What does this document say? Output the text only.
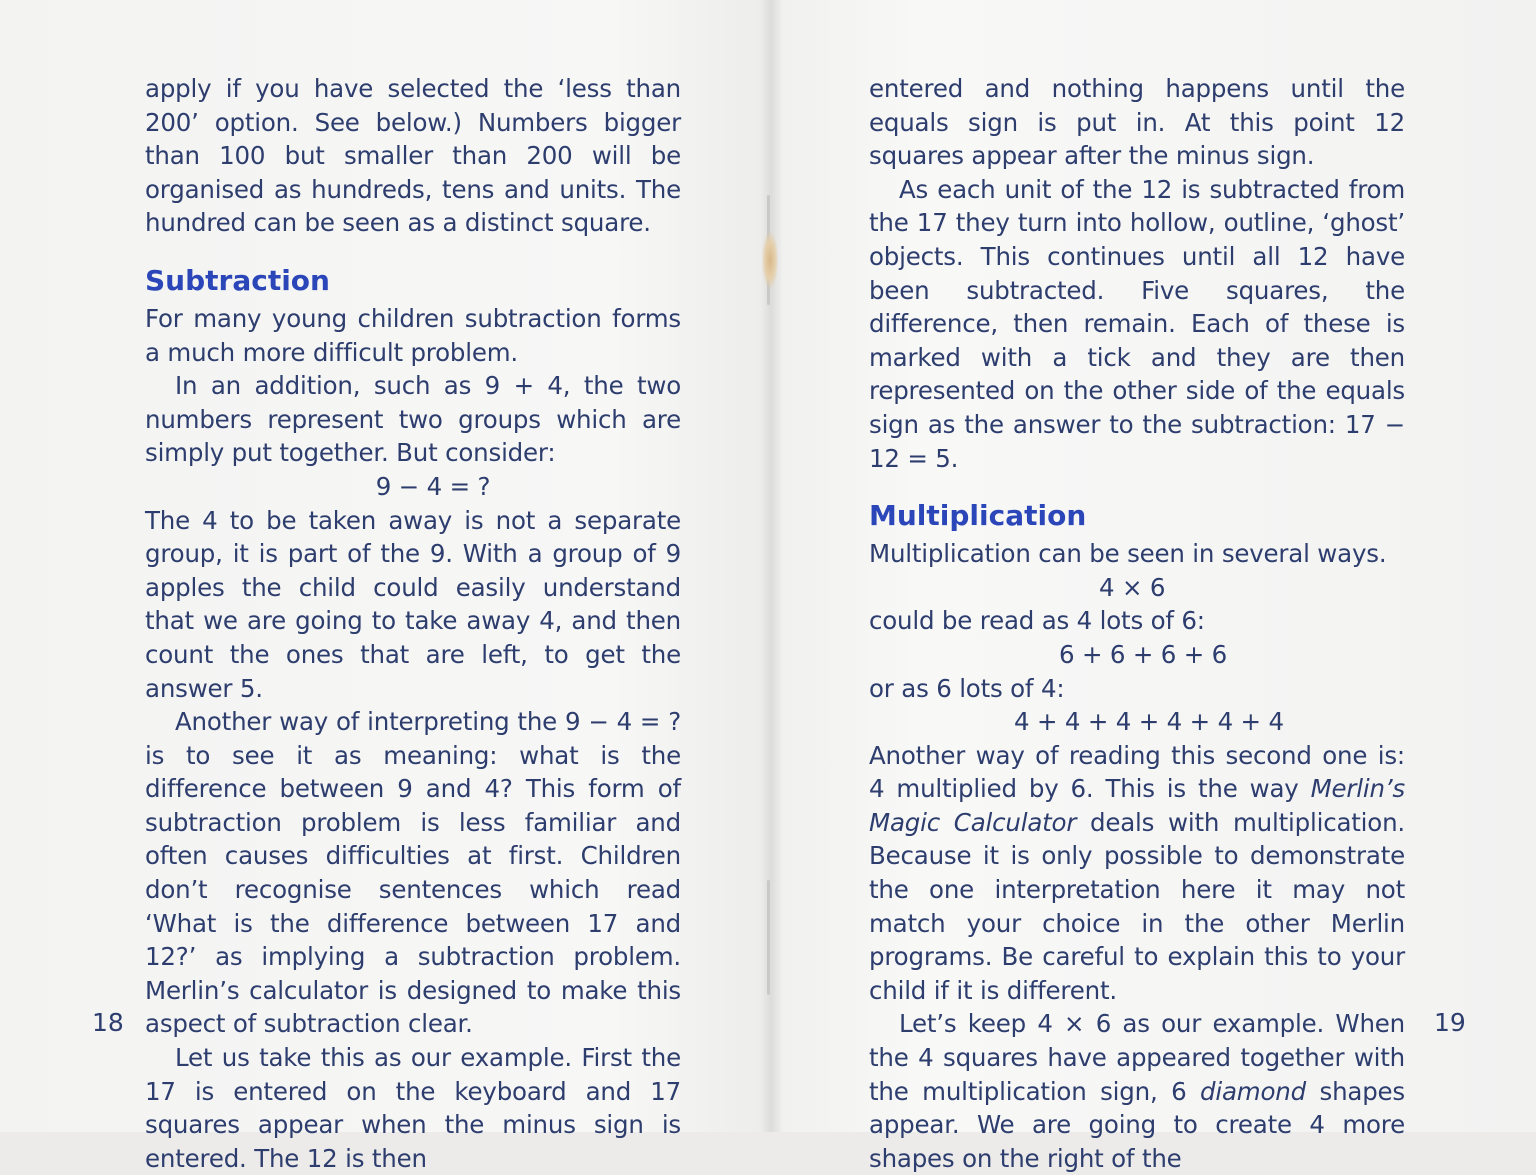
apply if you have selected the ‘less than 200’ option. See below.) Numbers bigger than 100 but smaller than 200 will be organised as hundreds, tens and units. The hundred can be seen as a distinct square.

Subtraction

For many young children subtraction forms a much more difficult problem.

In an addition, such as 9 + 4, the two numbers represent two groups which are simply put together. But consider:

9 − 4 = ?

The 4 to be taken away is not a separate group, it is part of the 9. With a group of 9 apples the child could easily understand that we are going to take away 4, and then count the ones that are left, to get the answer 5.

Another way of interpreting the 9 − 4 = ? is to see it as meaning: what is the difference between 9 and 4? This form of subtraction problem is less familiar and often causes difficulties at first. Children don’t recognise sentences which read ‘What is the difference between 17 and 12?’ as implying a subtraction problem. Merlin’s calculator is designed to make this aspect of subtraction clear.

Let us take this as our example. First the 17 is entered on the keyboard and 17 squares appear when the minus sign is entered. The 12 is then

18

entered and nothing happens until the equals sign is put in. At this point 12 squares appear after the minus sign.

As each unit of the 12 is subtracted from the 17 they turn into hollow, outline, ‘ghost’ objects. This continues until all 12 have been subtracted. Five squares, the difference, then remain. Each of these is marked with a tick and they are then represented on the other side of the equals sign as the answer to the subtraction: 17 − 12 = 5.

Multiplication

Multiplication can be seen in several ways.

4 × 6

could be read as 4 lots of 6:

6 + 6 + 6 + 6

or as 6 lots of 4:

4 + 4 + 4 + 4 + 4 + 4

Another way of reading this second one is: 4 multiplied by 6. This is the way Merlin’s Magic Calculator deals with multiplication. Because it is only possible to demonstrate the one interpretation here it may not match your choice in the other Merlin programs. Be careful to explain this to your child if it is different.

Let’s keep 4 × 6 as our example. When the 4 squares have appeared together with the multiplication sign, 6 diamond shapes appear. We are going to create 4 more shapes on the right of the

19
